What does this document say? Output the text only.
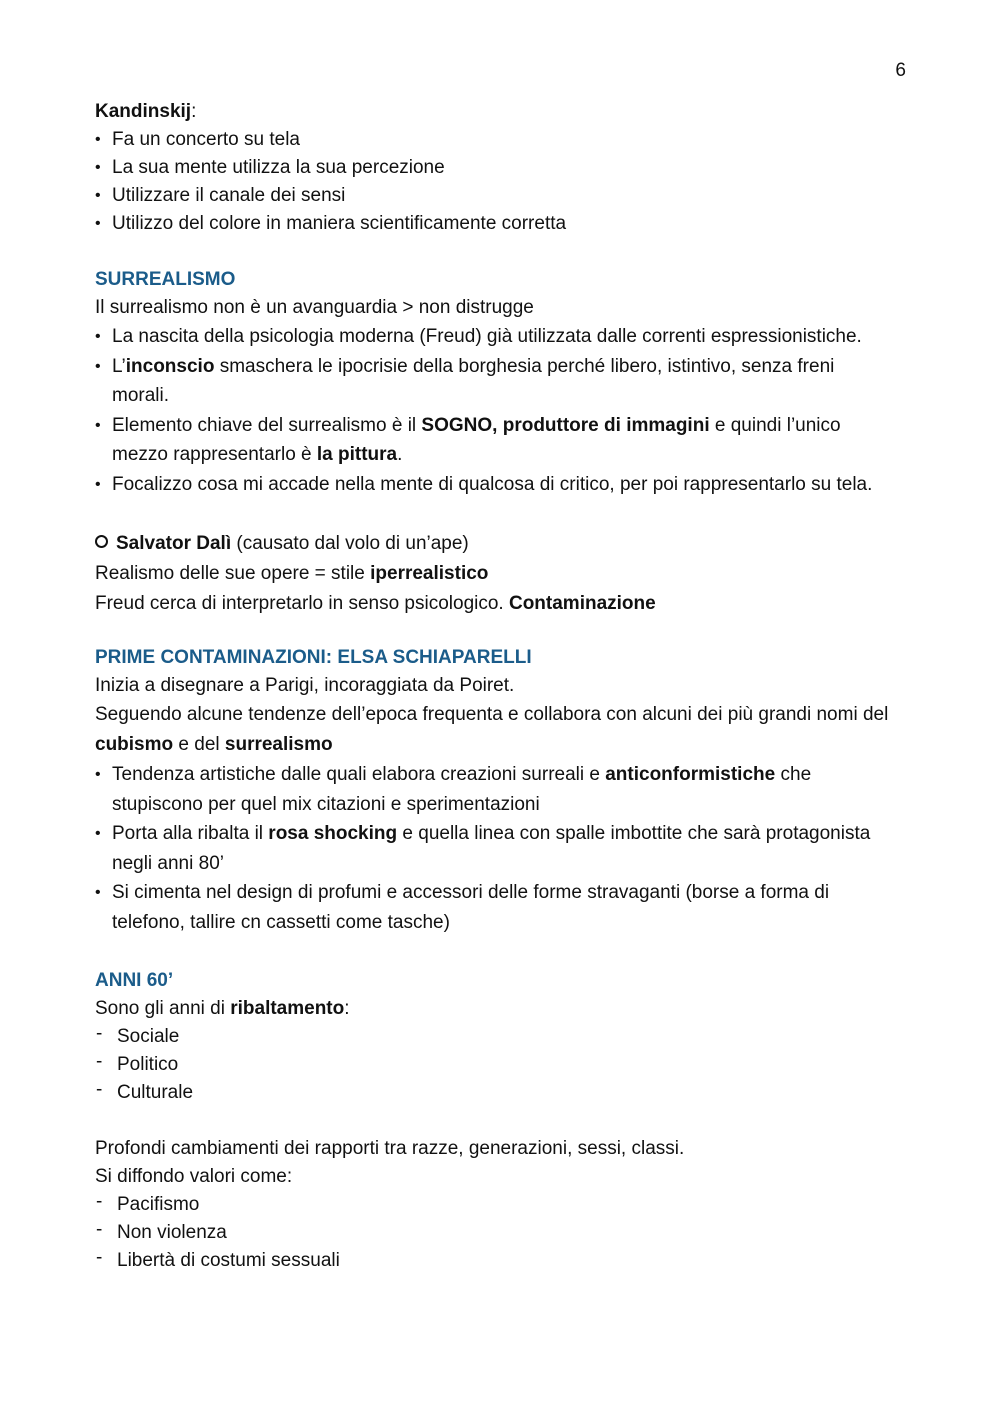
6

Kandinskij:

• Fa un concerto su tela
• La sua mente utilizza la sua percezione
• Utilizzare il canale dei sensi
• Utilizzo del colore in maniera scientificamente corretta

SURREALISMO

Il surrealismo non è un avanguardia > non distrugge

• La nascita della psicologia moderna (Freud) già utilizzata dalle correnti espressionistiche.
• L’inconscio smaschera le ipocrisie della borghesia perché libero, istintivo, senza freni morali.
• Elemento chiave del surrealismo è il SOGNO, produttore di immagini e quindi l’unico mezzo rappresentarlo è la pittura.
• Focalizzo cosa mi accade nella mente di qualcosa di critico, per poi rappresentarlo su tela.

Salvator Dalì (causato dal volo di un’ape)

Realismo delle sue opere = stile iperrealistico

Freud cerca di interpretarlo in senso psicologico. Contaminazione

PRIME CONTAMINAZIONI: ELSA SCHIAPARELLI

Inizia a disegnare a Parigi, incoraggiata da Poiret.

Seguendo alcune tendenze dell’epoca frequenta e collabora con alcuni dei più grandi nomi del cubismo e del surrealismo

• Tendenza artistiche dalle quali elabora creazioni surreali e anticonformistiche che stupiscono per quel mix citazioni e sperimentazioni
• Porta alla ribalta il rosa shocking e quella linea con spalle imbottite che sarà protagonista negli anni 80’
• Si cimenta nel design di profumi e accessori delle forme stravaganti (borse a forma di telefono, tallire cn cassetti come tasche)

ANNI 60’

Sono gli anni di ribaltamento:

- Sociale
- Politico
- Culturale

Profondi cambiamenti dei rapporti tra razze, generazioni, sessi, classi.

Si diffondo valori come:

- Pacifismo
- Non violenza
- Libertà di costumi sessuali
